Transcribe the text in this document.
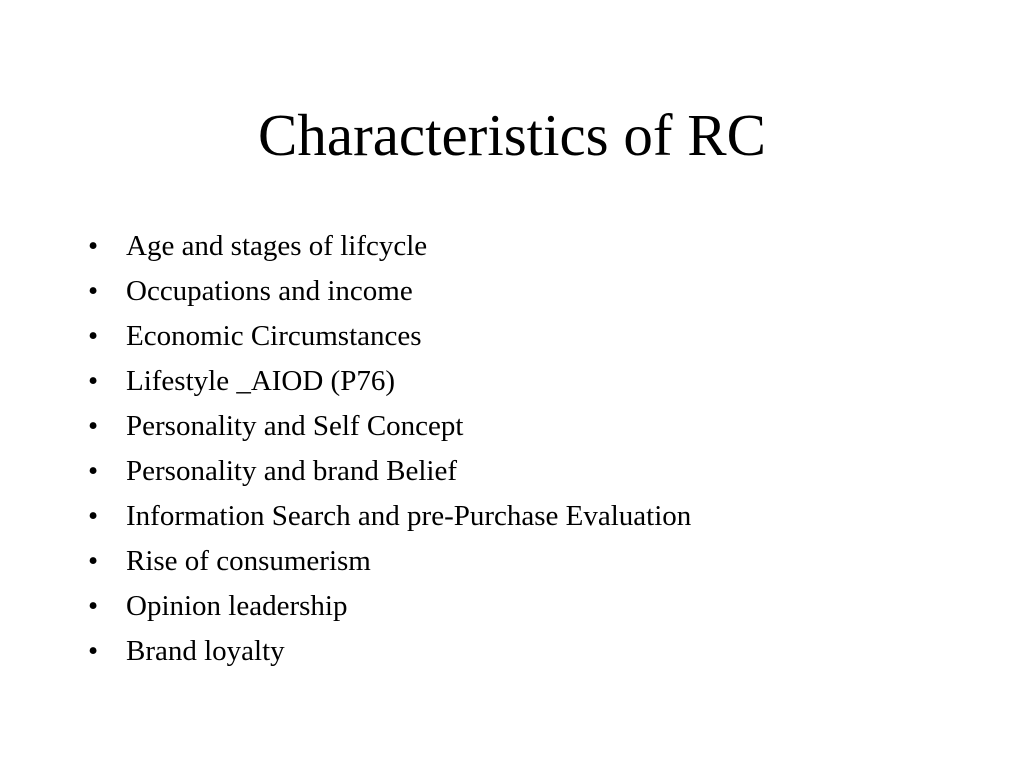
Characteristics of RC
• Age and stages of lifcycle
• Occupations and income
• Economic Circumstances
• Lifestyle _AIOD (P76)
• Personality and Self Concept
• Personality and brand Belief
• Information Search and pre-Purchase Evaluation
• Rise of consumerism
• Opinion leadership
• Brand loyalty
